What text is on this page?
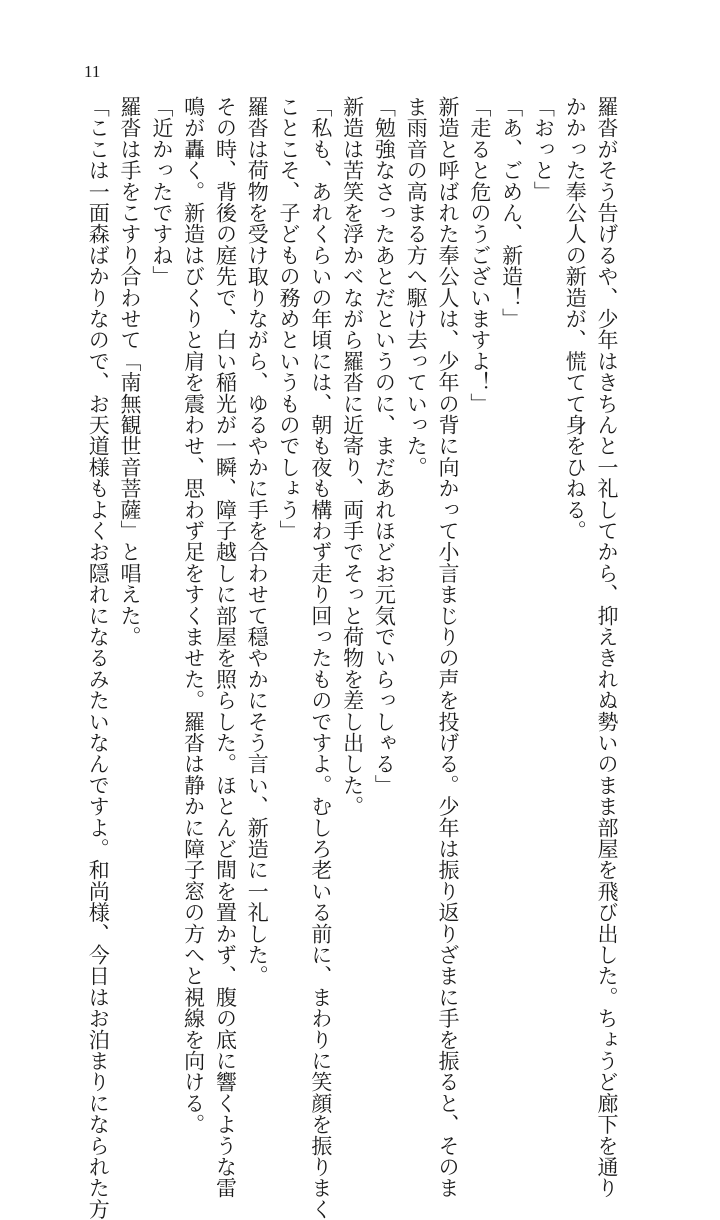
11
羅沓がそう告げるや、少年はきちんと一礼してから、抑えきれぬ勢いのまま部屋を飛び出した。ちょうど廊下を通り
かかった奉公人の新造が、慌てて身をひねる。
「おっと」
「あ、ごめん、新造！」
「走ると危のうございますよ！」
新造と呼ばれた奉公人は、少年の背に向かって小言まじりの声を投げる。少年は振り返りざまに手を振ると、そのま
ま雨音の高まる方へ駆け去っていった。
「勉強なさったあとだというのに、まだあれほどお元気でいらっしゃる」
新造は苦笑を浮かべながら羅沓に近寄り、両手でそっと荷物を差し出した。
「私も、あれくらいの年頃には、朝も夜も構わず走り回ったものですよ。むしろ老いる前に、まわりに笑顔を振りまく
ことこそ、子どもの務めというものでしょう」
羅沓は荷物を受け取りながら、ゆるやかに手を合わせて穏やかにそう言い、新造に一礼した。
その時、背後の庭先で、白い稲光が一瞬、障子越しに部屋を照らした。ほとんど間を置かず、腹の底に響くような雷
鳴が轟く。新造はびくりと肩を震わせ、思わず足をすくませた。羅沓は静かに障子窓の方へと視線を向ける。
「近かったですね」
羅沓は手をこすり合わせて「南無観世音菩薩」と唱えた。
「ここは一面森ばかりなので、お天道様もよくお隠れになるみたいなんですよ。和尚様、今日はお泊まりになられた方
